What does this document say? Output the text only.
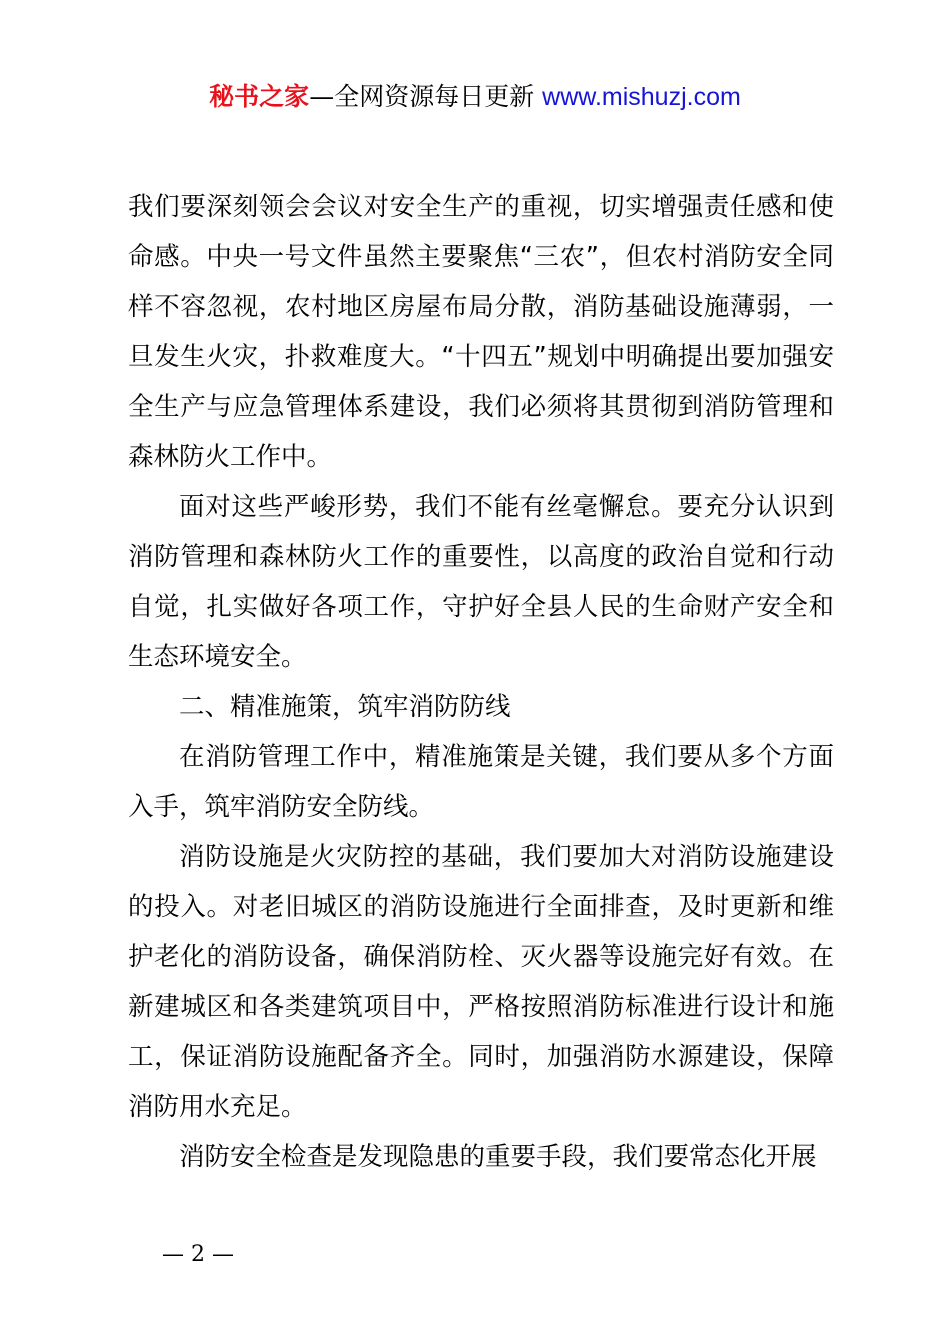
秘书之家—全网资源每日更新 www.mishuzj.com

我们要深刻领会会议对安全生产的重视，切实增强责任感和使命感。中央一号文件虽然主要聚焦“三农”，但农村消防安全同样不容忽视，农村地区房屋布局分散，消防基础设施薄弱，一旦发生火灾，扑救难度大。“十四五”规划中明确提出要加强安全生产与应急管理体系建设，我们必须将其贯彻到消防管理和森林防火工作中。

面对这些严峻形势，我们不能有丝毫懈怠。要充分认识到消防管理和森林防火工作的重要性，以高度的政治自觉和行动自觉，扎实做好各项工作，守护好全县人民的生命财产安全和生态环境安全。

二、精准施策，筑牢消防防线

在消防管理工作中，精准施策是关键，我们要从多个方面入手，筑牢消防安全防线。

消防设施是火灾防控的基础，我们要加大对消防设施建设的投入。对老旧城区的消防设施进行全面排查，及时更新和维护老化的消防设备，确保消防栓、灭火器等设施完好有效。在新建城区和各类建筑项目中，严格按照消防标准进行设计和施工，保证消防设施配备齐全。同时，加强消防水源建设，保障消防用水充足。

消防安全检查是发现隐患的重要手段，我们要常态化开展

— 2 —
